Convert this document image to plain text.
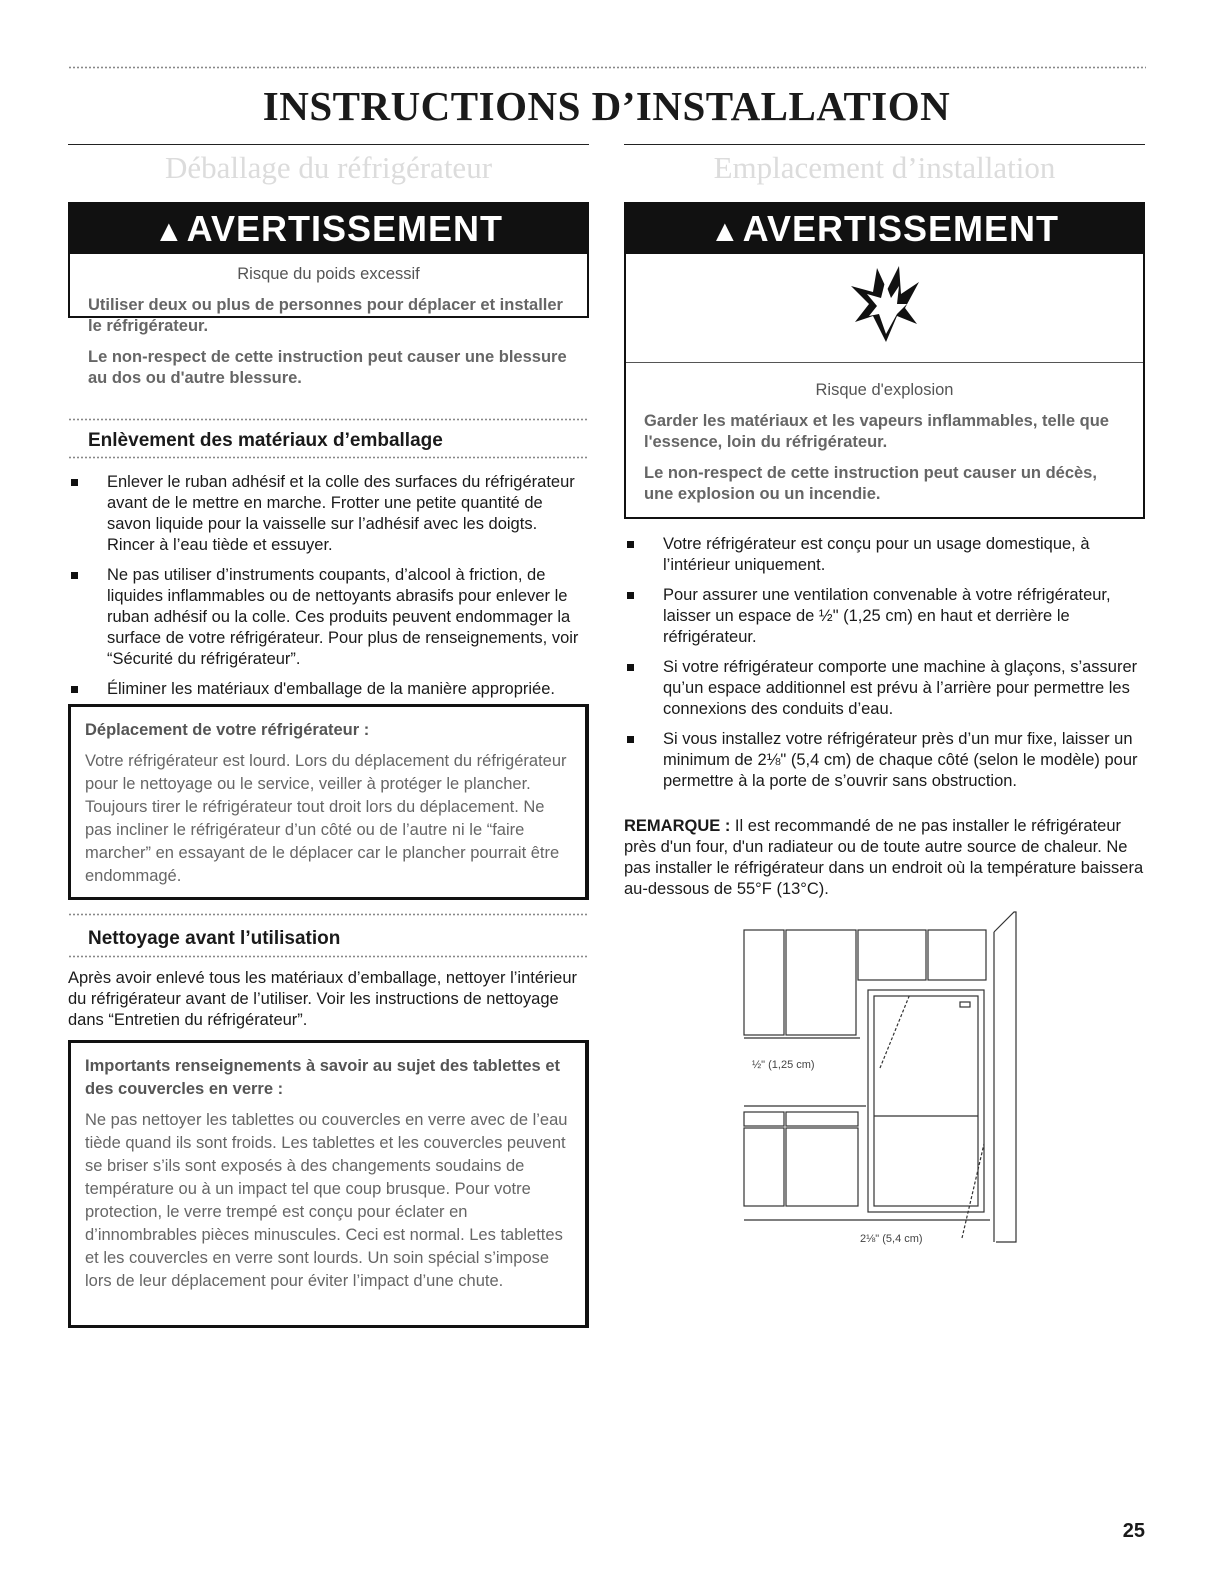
INSTRUCTIONS D’INSTALLATION
Déballage du réfrigérateur
▲AVERTISSEMENT
Risque du poids excessif

Utiliser deux ou plus de personnes pour déplacer et installer le réfrigérateur.

Le non-respect de cette instruction peut causer une blessure au dos ou d'autre blessure.

Enlèvement des matériaux d’emballage
Enlever le ruban adhésif et la colle des surfaces du réfrigérateur avant de le mettre en marche. Frotter une petite quantité de savon liquide pour la vaisselle sur l’adhésif avec les doigts. Rincer à l’eau tiède et essuyer.
Ne pas utiliser d’instruments coupants, d’alcool à friction, de liquides inflammables ou de nettoyants abrasifs pour enlever le ruban adhésif ou la colle. Ces produits peuvent endommager la surface de votre réfrigérateur. Pour plus de renseignements, voir “Sécurité du réfrigérateur”.
Éliminer les matériaux d'emballage de la manière appropriée.
Déplacement de votre réfrigérateur :
Votre réfrigérateur est lourd. Lors du déplacement du réfrigérateur pour le nettoyage ou le service, veiller à protéger le plancher. Toujours tirer le réfrigérateur tout droit lors du déplacement. Ne pas incliner le réfrigérateur d’un côté ou de l’autre ni le “faire marcher” en essayant de le déplacer car le plancher pourrait être endommagé.
Nettoyage avant l’utilisation
Après avoir enlevé tous les matériaux d’emballage, nettoyer l’intérieur du réfrigérateur avant de l’utiliser. Voir les instructions de nettoyage dans “Entretien du réfrigérateur”.
Importants renseignements à savoir au sujet des tablettes et des couvercles en verre :
Ne pas nettoyer les tablettes ou couvercles en verre avec de l’eau tiède quand ils sont froids. Les tablettes et les couvercles peuvent se briser s’ils sont exposés à des changements soudains de température ou à un impact tel que coup brusque. Pour votre protection, le verre trempé est conçu pour éclater en d’innombrables pièces minuscules. Ceci est normal. Les tablettes et les couvercles en verre sont lourds. Un soin spécial s’impose lors de leur déplacement pour éviter l’impact d’une chute.
Emplacement d’installation
▲AVERTISSEMENT
Risque d'explosion

Garder les matériaux et les vapeurs inflammables, telle que l'essence, loin du réfrigérateur.

Le non-respect de cette instruction peut causer un décès, une explosion ou un incendie.

Votre réfrigérateur est conçu pour un usage domestique, à l’intérieur uniquement.
Pour assurer une ventilation convenable à votre réfrigérateur, laisser un espace de ½" (1,25 cm) en haut et derrière le réfrigérateur.
Si votre réfrigérateur comporte une machine à glaçons, s’assurer qu’un espace additionnel est prévu à l’arrière pour permettre les connexions des conduits d’eau.
Si vous installez votre réfrigérateur près d’un mur fixe, laisser un minimum de 2⅛" (5,4 cm) de chaque côté (selon le modèle) pour permettre à la porte de s’ouvrir sans obstruction.
REMARQUE : Il est recommandé de ne pas installer le réfrigérateur près d'un four, d'un radiateur ou de toute autre source de chaleur. Ne pas installer le réfrigérateur dans un endroit où la température baissera au-dessous de 55°F (13°C).
½" (1,25 cm)
2⅛" (5,4 cm)
25
